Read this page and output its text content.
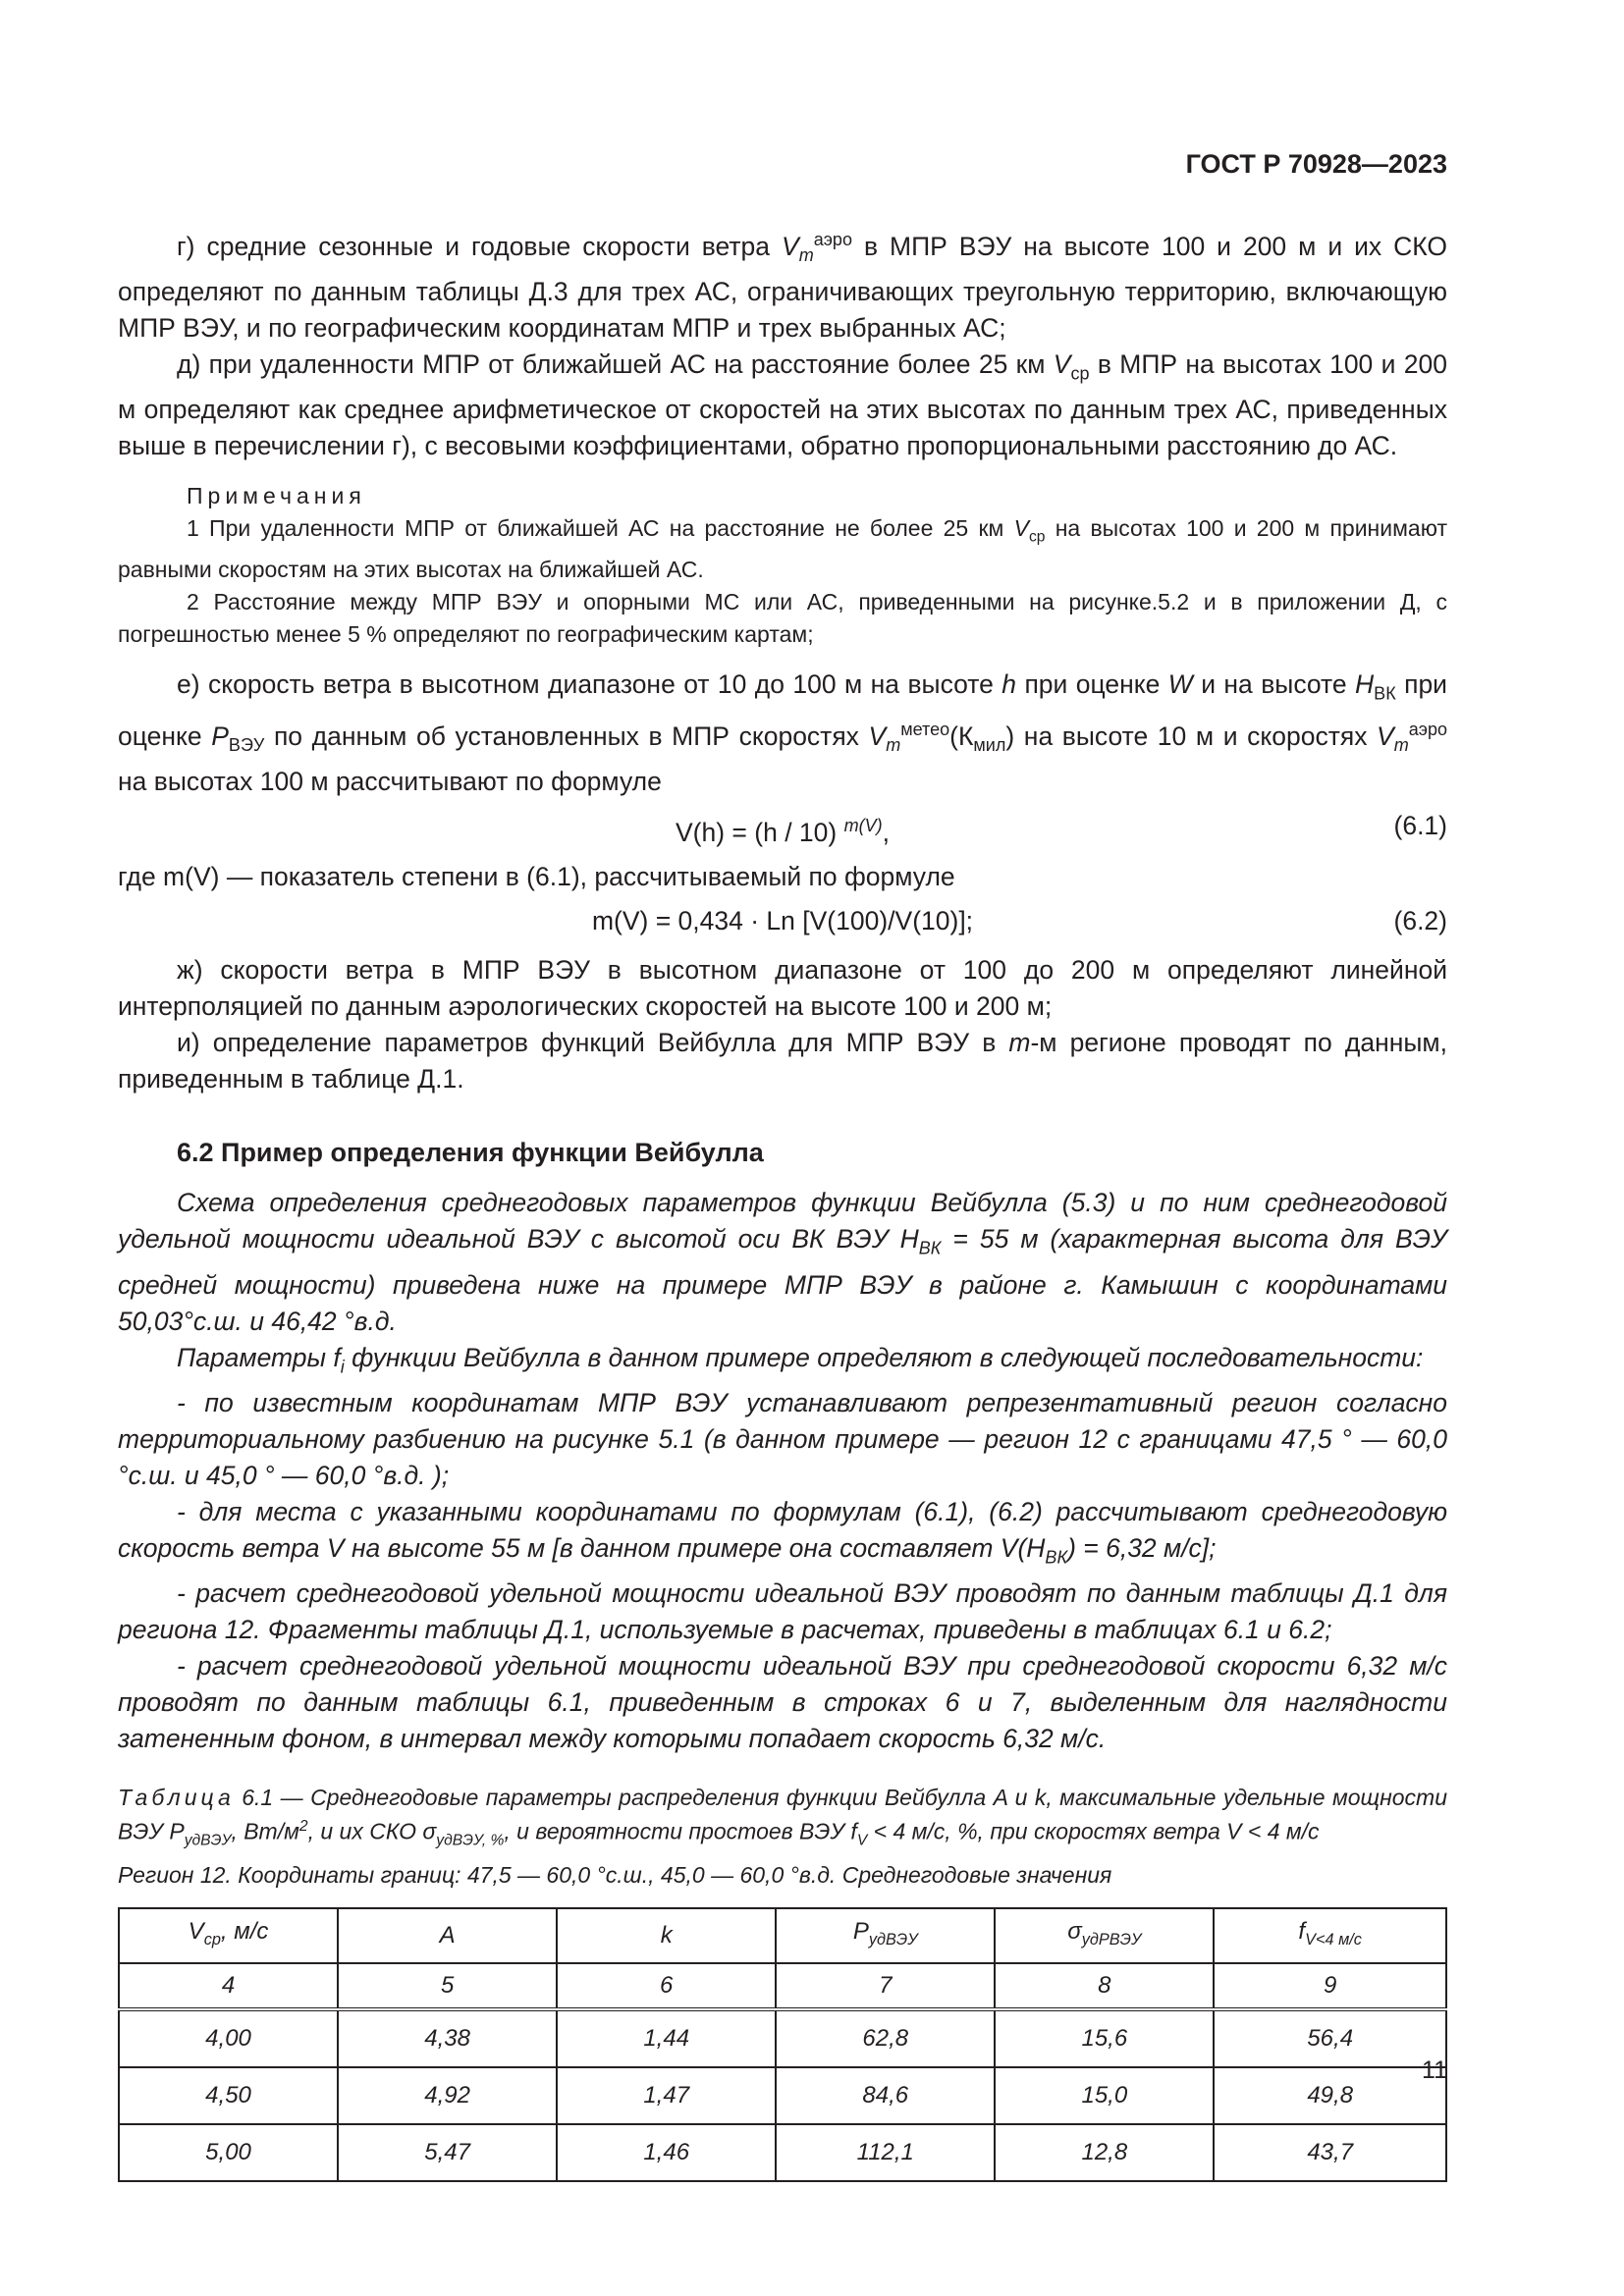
ГОСТ Р 70928—2023

г) средние сезонные и годовые скорости ветра $V_m^{аэро}$ в МПР ВЭУ на высоте 100 и 200 м и их СКО определяют по данным таблицы Д.3 для трех АС, ограничивающих треугольную территорию, включающую МПР ВЭУ, и по географическим координатам МПР и трех выбранных АС;

д) при удаленности МПР от ближайшей АС на расстояние более 25 км $V_{ср}$ в МПР на высотах 100 и 200 м определяют как среднее арифметическое от скоростей на этих высотах по данным трех АС, приведенных выше в перечислении г), с весовыми коэффициентами, обратно пропорциональными расстоянию до АС.

Примечания

1 При удаленности МПР от ближайшей АС на расстояние не более 25 км $V_{ср}$ на высотах 100 и 200 м принимают равными скоростям на этих высотах на ближайшей АС.

2 Расстояние между МПР ВЭУ и опорными МС или АС, приведенными на рисунке.5.2 и в приложении Д, с погрешностью менее 5 % определяют по географическим картам;

е) скорость ветра в высотном диапазоне от 10 до 100 м на высоте h при оценке W и на высоте $H_{ВК}$ при оценке $P_{ВЭУ}$ по данным об установленных в МПР скоростях $V_m^{метео}(К_{мил})$ на высоте 10 м и скоростях $V_m^{аэро}$ на высотах 100 м рассчитывают по формуле

V(h) = (h / 10) $^{m(V)}$,	(6.1)

где m(V) — показатель степени в (6.1), рассчитываемый по формуле

m(V) = 0,434 · Ln [V(100)/V(10)];	(6.2)

ж) скорости ветра в МПР ВЭУ в высотном диапазоне от 100 до 200 м определяют линейной интерполяцией по данным аэрологических скоростей на высоте 100 и 200 м;

и) определение параметров функций Вейбулла для МПР ВЭУ в m-м регионе проводят по данным, приведенным в таблице Д.1.

6.2 Пример определения функции Вейбулла

Схема определения среднегодовых параметров функции Вейбулла (5.3) и по ним среднегодовой удельной мощности идеальной ВЭУ с высотой оси ВК ВЭУ $H_{ВК} = 55$ м (характерная высота для ВЭУ средней мощности) приведена ниже на примере МПР ВЭУ в районе г. Камышин с координатами 50,03°с.ш. и 46,42 °в.д.

Параметры $f_i$ функции Вейбулла в данном примере определяют в следующей последовательности:

- по известным координатам МПР ВЭУ устанавливают репрезентативный регион согласно территориальному разбиению на рисунке 5.1 (в данном примере — регион 12 с границами 47,5 ° — 60,0 °с.ш. и 45,0 ° — 60,0 °в.д. );

- для места с указанными координатами по формулам (6.1), (6.2) рассчитывают среднегодовую скорость ветра V на высоте 55 м [в данном примере она составляет $V(H_{ВК}) = 6,32$ м/с];

- расчет среднегодовой удельной мощности идеальной ВЭУ проводят по данным таблицы Д.1 для региона 12. Фрагменты таблицы Д.1, используемые в расчетах, приведены в таблицах 6.1 и 6.2;

- расчет среднегодовой удельной мощности идеальной ВЭУ при среднегодовой скорости 6,32 м/с проводят по данным таблицы 6.1, приведенным в строках 6 и 7, выделенным для наглядности затененным фоном, в интервал между которыми попадает скорость 6,32 м/с.

Таблица 6.1 — Среднегодовые параметры распределения функции Вейбулла A и k, максимальные удельные мощности ВЭУ $P_{удВЭУ}$, $Вт/м^2$, и их СКО $\sigma_{удВЭУ, \%}$, и вероятности простоев ВЭУ $f_V < 4$ м/с, %, при скоростях ветра V < 4 м/с
Регион 12. Координаты границ: 47,5 — 60,0 °с.ш., 45,0 — 60,0 °в.д. Среднегодовые значения
$V_{ср}$, м/с	A	k	$P_{удВЭУ}$	$\sigma_{удРВЭУ}$	$f_{V<4 м/с}$
4	5	6	7	8	9
4,00	4,38	1,44	62,8	15,6	56,4
4,50	4,92	1,47	84,6	15,0	49,8
5,00	5,47	1,46	112,1	12,8	43,7
11
